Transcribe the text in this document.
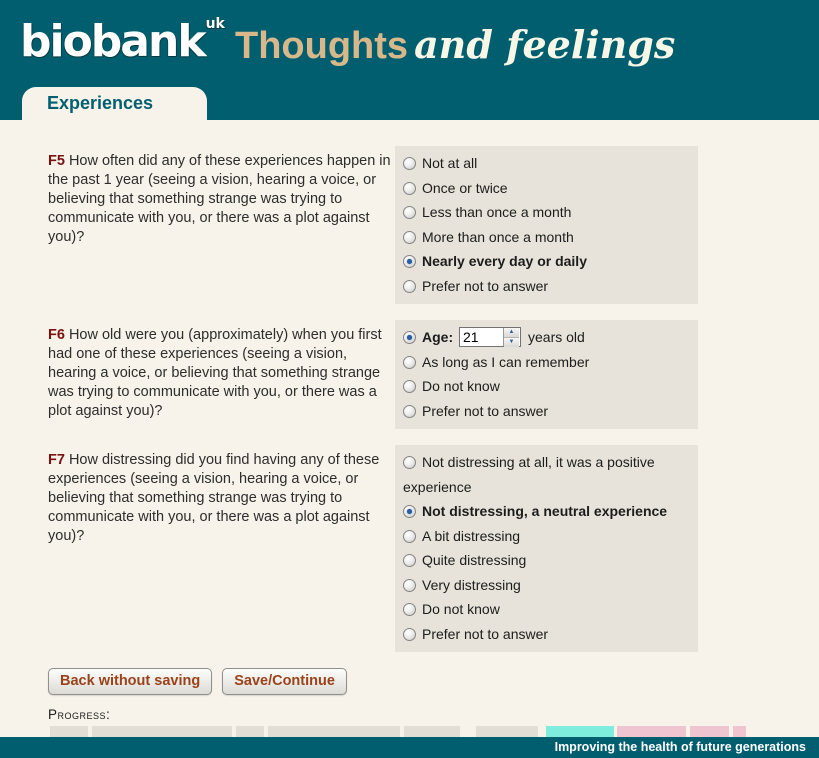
biobank$^{uk}$
Thoughts and feelings
Experiences
F5 How often did any of these experiences happen in the past 1 year (seeing a vision, hearing a voice, or believing that something strange was trying to communicate with you, or there was a plot against you)?
Not at all
Once or twice
Less than once a month
More than once a month
Nearly every day or daily
Prefer not to answer
F6 How old were you (approximately) when you first had one of these experiences (seeing a vision, hearing a voice, or believing that something strange was trying to communicate with you, or there was a plot against you)?
Age:
21	▲
▼ years old
As long as I can remember
Do not know
Prefer not to answer
F7 How distressing did you find having any of these experiences (seeing a vision, hearing a voice, or believing that something strange was trying to communicate with you, or there was a plot against you)?
Not distressing at all, it was a positive experience
Not distressing, a neutral experience
A bit distressing
Quite distressing
Very distressing
Do not know
Prefer not to answer
Back without saving	Save/Continue
Progress:
Improving the health of future generations
